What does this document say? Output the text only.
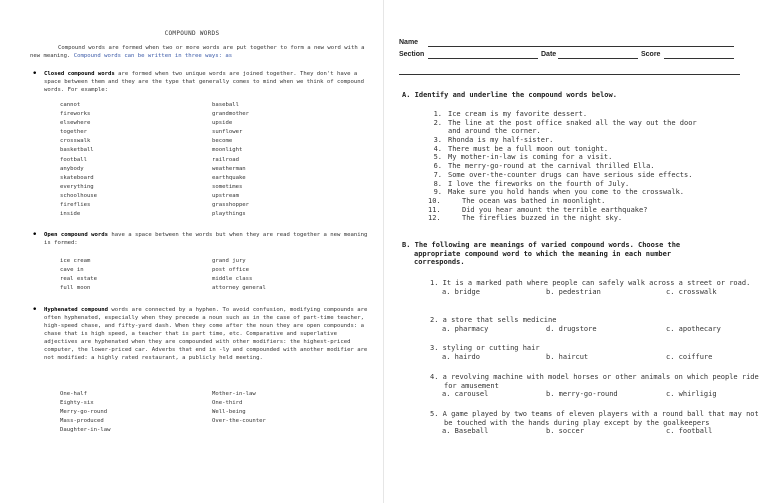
COMPOUND WORDS
Compound words are formed when two or more words are put together to form a new word with a new meaning. Compound words can be written in three ways: as
• Closed compound words are formed when two unique words are joined together. They don't have a space between them and they are the type that generally comes to mind when we think of compound words. For example:
cannot	baseball
fireworks	grandmother
elsewhere	upside
together	sunflower
crosswalk	become
basketball	moonlight
football	railroad
anybody	weatherman
skateboard	earthquake
everything	sometimes
schoolhouse	upstream
fireflies	grasshopper
inside	playthings
• Open compound words have a space between the words but when they are read together a new meaning is formed:
ice cream	grand jury
cave in	post office
real estate	middle class
full moon	attorney general
• Hyphenated compound words are connected by a hyphen. To avoid confusion, modifying compounds are often hyphenated, especially when they precede a noun such as in the case of part-time teacher, high-speed chase, and fifty-yard dash. When they come after the noun they are open compounds: a chase that is high speed, a teacher that is part time, etc. Comparative and superlative adjectives are hyphenated when they are compounded with other modifiers: the highest-priced computer, the lower-priced car. Adverbs that end in -ly and compounded with another modifier are not modified: a highly rated restaurant, a publicly held meeting.
One-half	Mother-in-law
Eighty-six	One-third
Merry-go-round	Well-being
Mass-produced	Over-the-counter
Daughter-in-law
Name
Section	Date	Score
A. Identify and underline the compound words below.
1. Ice cream is my favorite dessert.
2. The line at the post office snaked all the way out the door
and around the corner.
3. Rhonda is my half-sister.
4. There must be a full moon out tonight.
5. My mother-in-law is coming for a visit.
6. The merry-go-round at the carnival thrilled Ella.
7. Some over-the-counter drugs can have serious side effects.
8. I love the fireworks on the fourth of July.
9. Make sure you hold hands when you come to the crosswalk.
10.	The ocean was bathed in moonlight.
11.	Did you hear amount the terrible earthquake?
12.	The fireflies buzzed in the night sky.
B. The following are meanings of varied compound words. Choose the
appropriate compound word to which the meaning in each number
corresponds.
1. It is a marked path where people can safely walk across a street or road.
a. bridge	b. pedestrian	c. crosswalk
2. a store that sells medicine
a. pharmacy	d. drugstore	c. apothecary
3. styling or cutting hair
a. hairdo	b. haircut	c. coiffure
4. a revolving machine with model horses or other animals on which people ride for amusement
a. carousel	b. merry-go-round	c. whirligig
5. A game played by two teams of eleven players with a round ball that may not be touched with the hands during play except by the goalkeepers
a. Baseball	b. soccer	c. football
